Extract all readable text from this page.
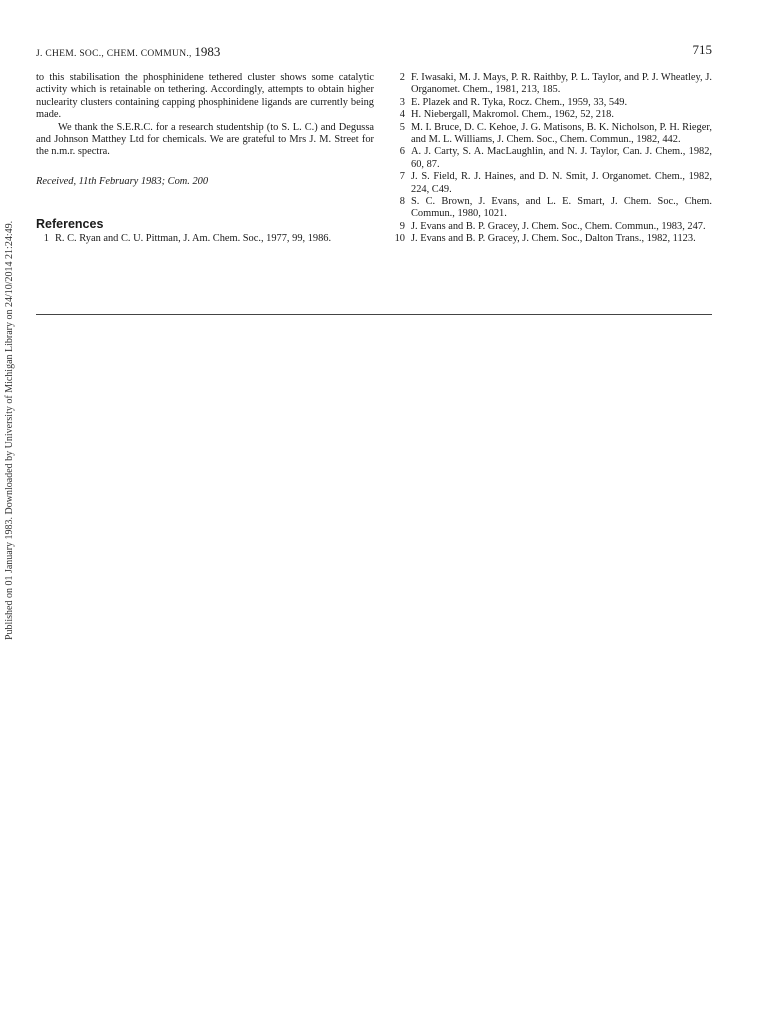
Published on 01 January 1983. Downloaded by University of Michigan Library on 24/10/2014 21:24:49.
J. CHEM. SOC., CHEM. COMMUN., 1983	715

to this stabilisation the phosphinidene tethered cluster shows some catalytic activity which is retainable on tethering. Accordingly, attempts to obtain higher nuclearity clusters containing capping phosphinidene ligands are currently being made.

We thank the S.E.R.C. for a research studentship (to S. L. C.) and Degussa and Johnson Matthey Ltd for chemicals. We are grateful to Mrs J. M. Street for the n.m.r. spectra.

Received, 11th February 1983; Com. 200

References
1 R. C. Ryan and C. U. Pittman, J. Am. Chem. Soc., 1977, 99, 1986.
2 F. Iwasaki, M. J. Mays, P. R. Raithby, P. L. Taylor, and P. J. Wheatley, J. Organomet. Chem., 1981, 213, 185.
3 E. Plazek and R. Tyka, Rocz. Chem., 1959, 33, 549.
4 H. Niebergall, Makromol. Chem., 1962, 52, 218.
5 M. I. Bruce, D. C. Kehoe, J. G. Matisons, B. K. Nicholson, P. H. Rieger, and M. L. Williams, J. Chem. Soc., Chem. Commun., 1982, 442.
6 A. J. Carty, S. A. MacLaughlin, and N. J. Taylor, Can. J. Chem., 1982, 60, 87.
7 J. S. Field, R. J. Haines, and D. N. Smit, J. Organomet. Chem., 1982, 224, C49.
8 S. C. Brown, J. Evans, and L. E. Smart, J. Chem. Soc., Chem. Commun., 1980, 1021.
9 J. Evans and B. P. Gracey, J. Chem. Soc., Chem. Commun., 1983, 247.
10 J. Evans and B. P. Gracey, J. Chem. Soc., Dalton Trans., 1982, 1123.
